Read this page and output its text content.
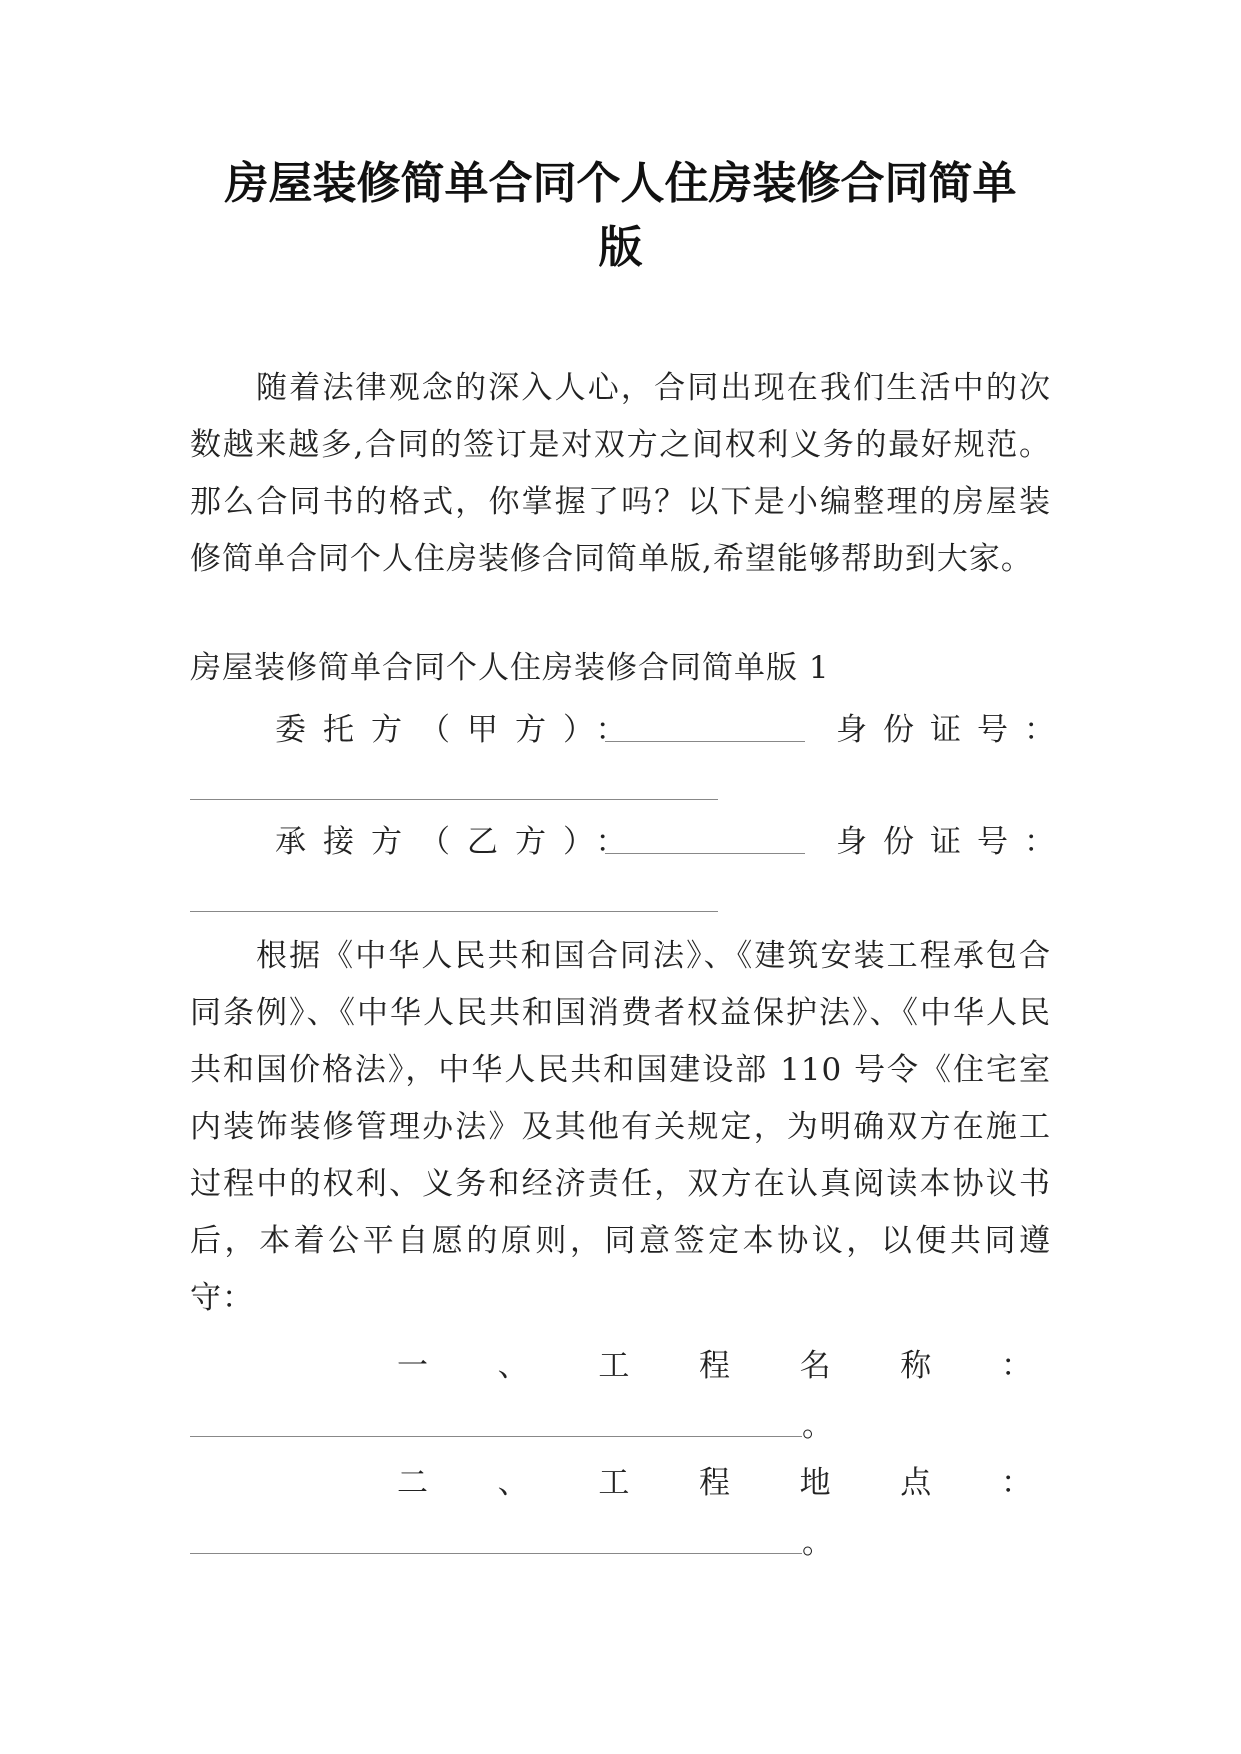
房屋装修简单合同个人住房装修合同简单
版
随着法律观念的深入人心，合同出现在我们生活中的次数越来越多,合同的签订是对双方之间权利义务的最好规范。那么合同书的格式，你掌握了吗？以下是小编整理的房屋装修简单合同个人住房装修合同简单版,希望能够帮助到大家。
房屋装修简单合同个人住房装修合同简单版 1
委托方（甲方）：	身份证号：
承接方（乙方）：	身份证号：
根据《中华人民共和国合同法》、《建筑安装工程承包合同条例》、《中华人民共和国消费者权益保护法》、《中华人民共和国价格法》，中华人民共和国建设部 110 号令《住宅室内装饰装修管理办法》及其他有关规定，为明确双方在施工过程中的权利、义务和经济责任，双方在认真阅读本协议书后，本着公平自愿的原则，同意签定本协议，以便共同遵守：
一 、 工 程 名 称 ：
。
二 、 工 程 地 点 ：
。
